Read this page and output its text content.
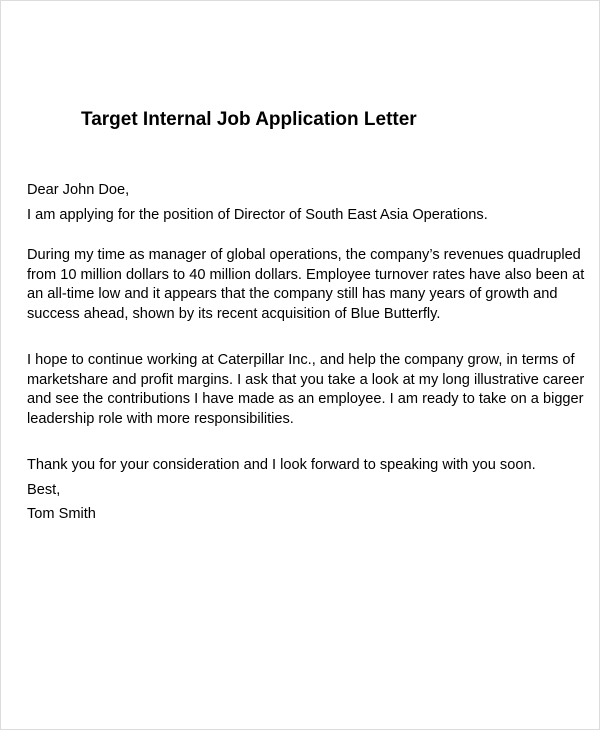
Target Internal Job Application Letter
Dear John Doe,
I am applying for the position of Director of South East Asia Operations.
During my time as manager of global operations, the company’s revenues quadrupled
from 10 million dollars to 40 million dollars. Employee turnover rates have also been at
an all-time low and it appears that the company still has many years of growth and
success ahead, shown by its recent acquisition of Blue Butterfly.
I hope to continue working at Caterpillar Inc., and help the company grow, in terms of
marketshare and profit margins. I ask that you take a look at my long illustrative career
and see the contributions I have made as an employee. I am ready to take on a bigger
leadership role with more responsibilities.
Thank you for your consideration and I look forward to speaking with you soon.
Best,
Tom Smith
